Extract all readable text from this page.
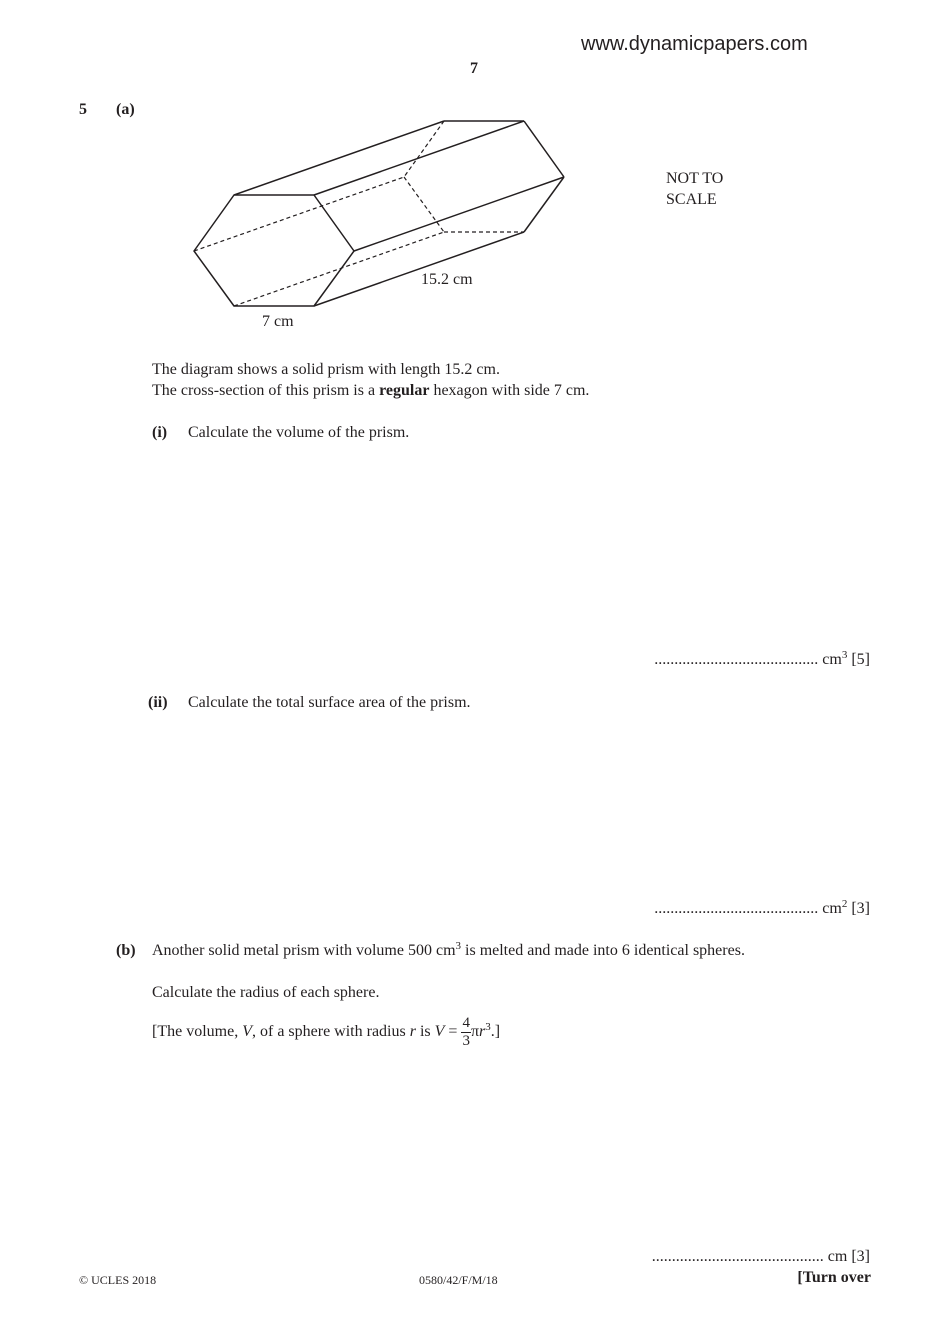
www.dynamicpapers.com
7
5 (a)
15.2 cm
7 cm
NOT TO
SCALE
The diagram shows a solid prism with length 15.2 cm.
The cross-section of this prism is a regular hexagon with side 7 cm.
(i) Calculate the volume of the prism.
......................................... $cm^3$ [5]
(ii) Calculate the total surface area of the prism.
......................................... $cm^2$ [3]
(b) Another solid metal prism with volume 500 $cm^3$ is melted and made into 6 identical spheres.
Calculate the radius of each sphere.
[The volume, V, of a sphere with radius r is $V = \frac{4}{3} \pi r^3$.]
........................................... cm [3]
© UCLES 2018	0580/42/F/M/18	[Turn over
